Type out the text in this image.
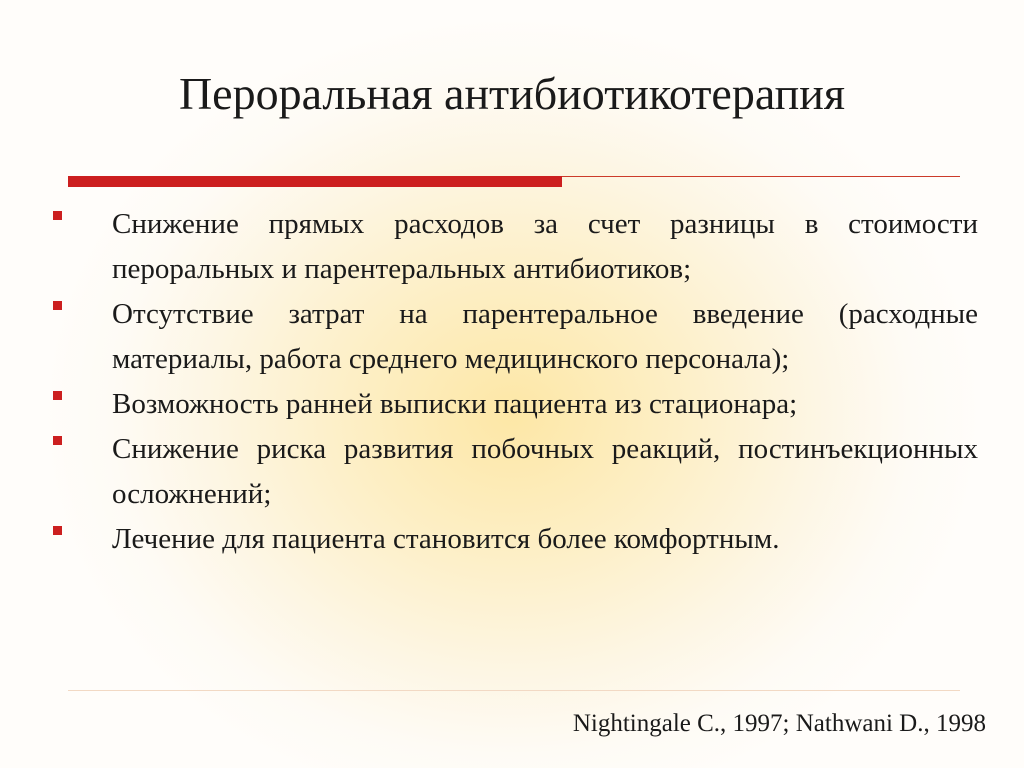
Пероральная антибиотикотерапия
Снижение прямых расходов за счет разницы в стоимости пероральных и парентеральных антибиотиков;
Отсутствие затрат на парентеральное введение (расходные материалы, работа среднего медицинского персонала);
Возможность ранней выписки пациента из стационара;
Снижение риска развития побочных реакций, постинъекционных осложнений;
Лечение для пациента становится более комфортным.
Nightingale C., 1997; Nathwani D., 1998
